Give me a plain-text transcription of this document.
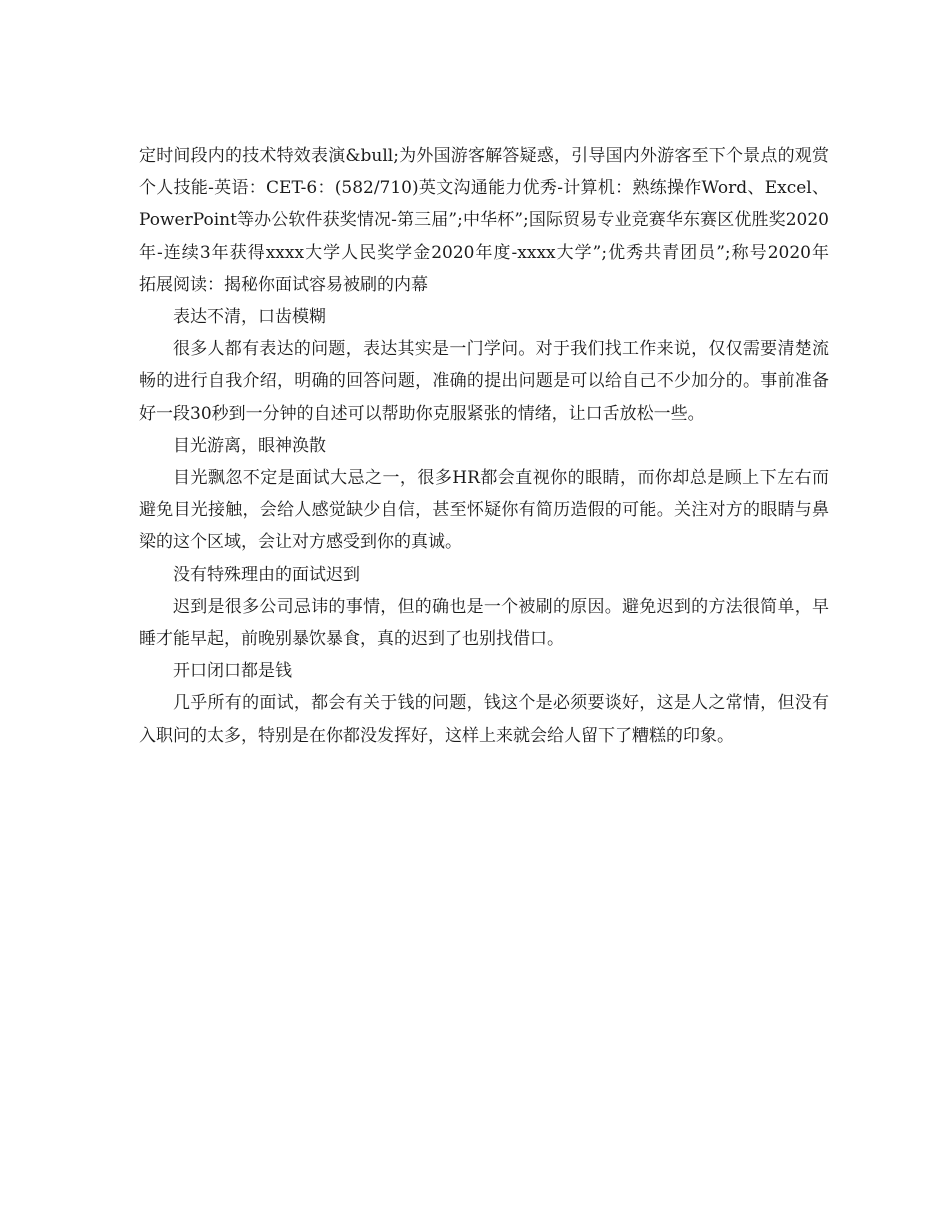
定时间段内的技术特效表演&bull;为外国游客解答疑惑，引导国内外游客至下个景点的观赏个人技能-英语：CET-6：(582/710)英文沟通能力优秀-计算机：熟练操作Word、Excel、PowerPoint等办公软件获奖情况-第三届”;中华杯”;国际贸易专业竞赛华东赛区优胜奖2020年-连续3年获得xxxx大学人民奖学金2020年度-xxxx大学”;优秀共青团员”;称号2020年　　拓展阅读：揭秘你面试容易被刷的内幕

表达不清，口齿模糊

很多人都有表达的问题，表达其实是一门学问。对于我们找工作来说，仅仅需要清楚流畅的进行自我介绍，明确的回答问题，准确的提出问题是可以给自己不少加分的。事前准备好一段30秒到一分钟的自述可以帮助你克服紧张的情绪，让口舌放松一些。

目光游离，眼神涣散

目光飘忽不定是面试大忌之一，很多HR都会直视你的眼睛，而你却总是顾上下左右而避免目光接触，会给人感觉缺少自信，甚至怀疑你有简历造假的可能。关注对方的眼睛与鼻梁的这个区域，会让对方感受到你的真诚。

没有特殊理由的面试迟到

迟到是很多公司忌讳的事情，但的确也是一个被刷的原因。避免迟到的方法很简单，早睡才能早起，前晚别暴饮暴食，真的迟到了也别找借口。

开口闭口都是钱

几乎所有的面试，都会有关于钱的问题，钱这个是必须要谈好，这是人之常情，但没有入职问的太多，特别是在你都没发挥好，这样上来就会给人留下了糟糕的印象。
